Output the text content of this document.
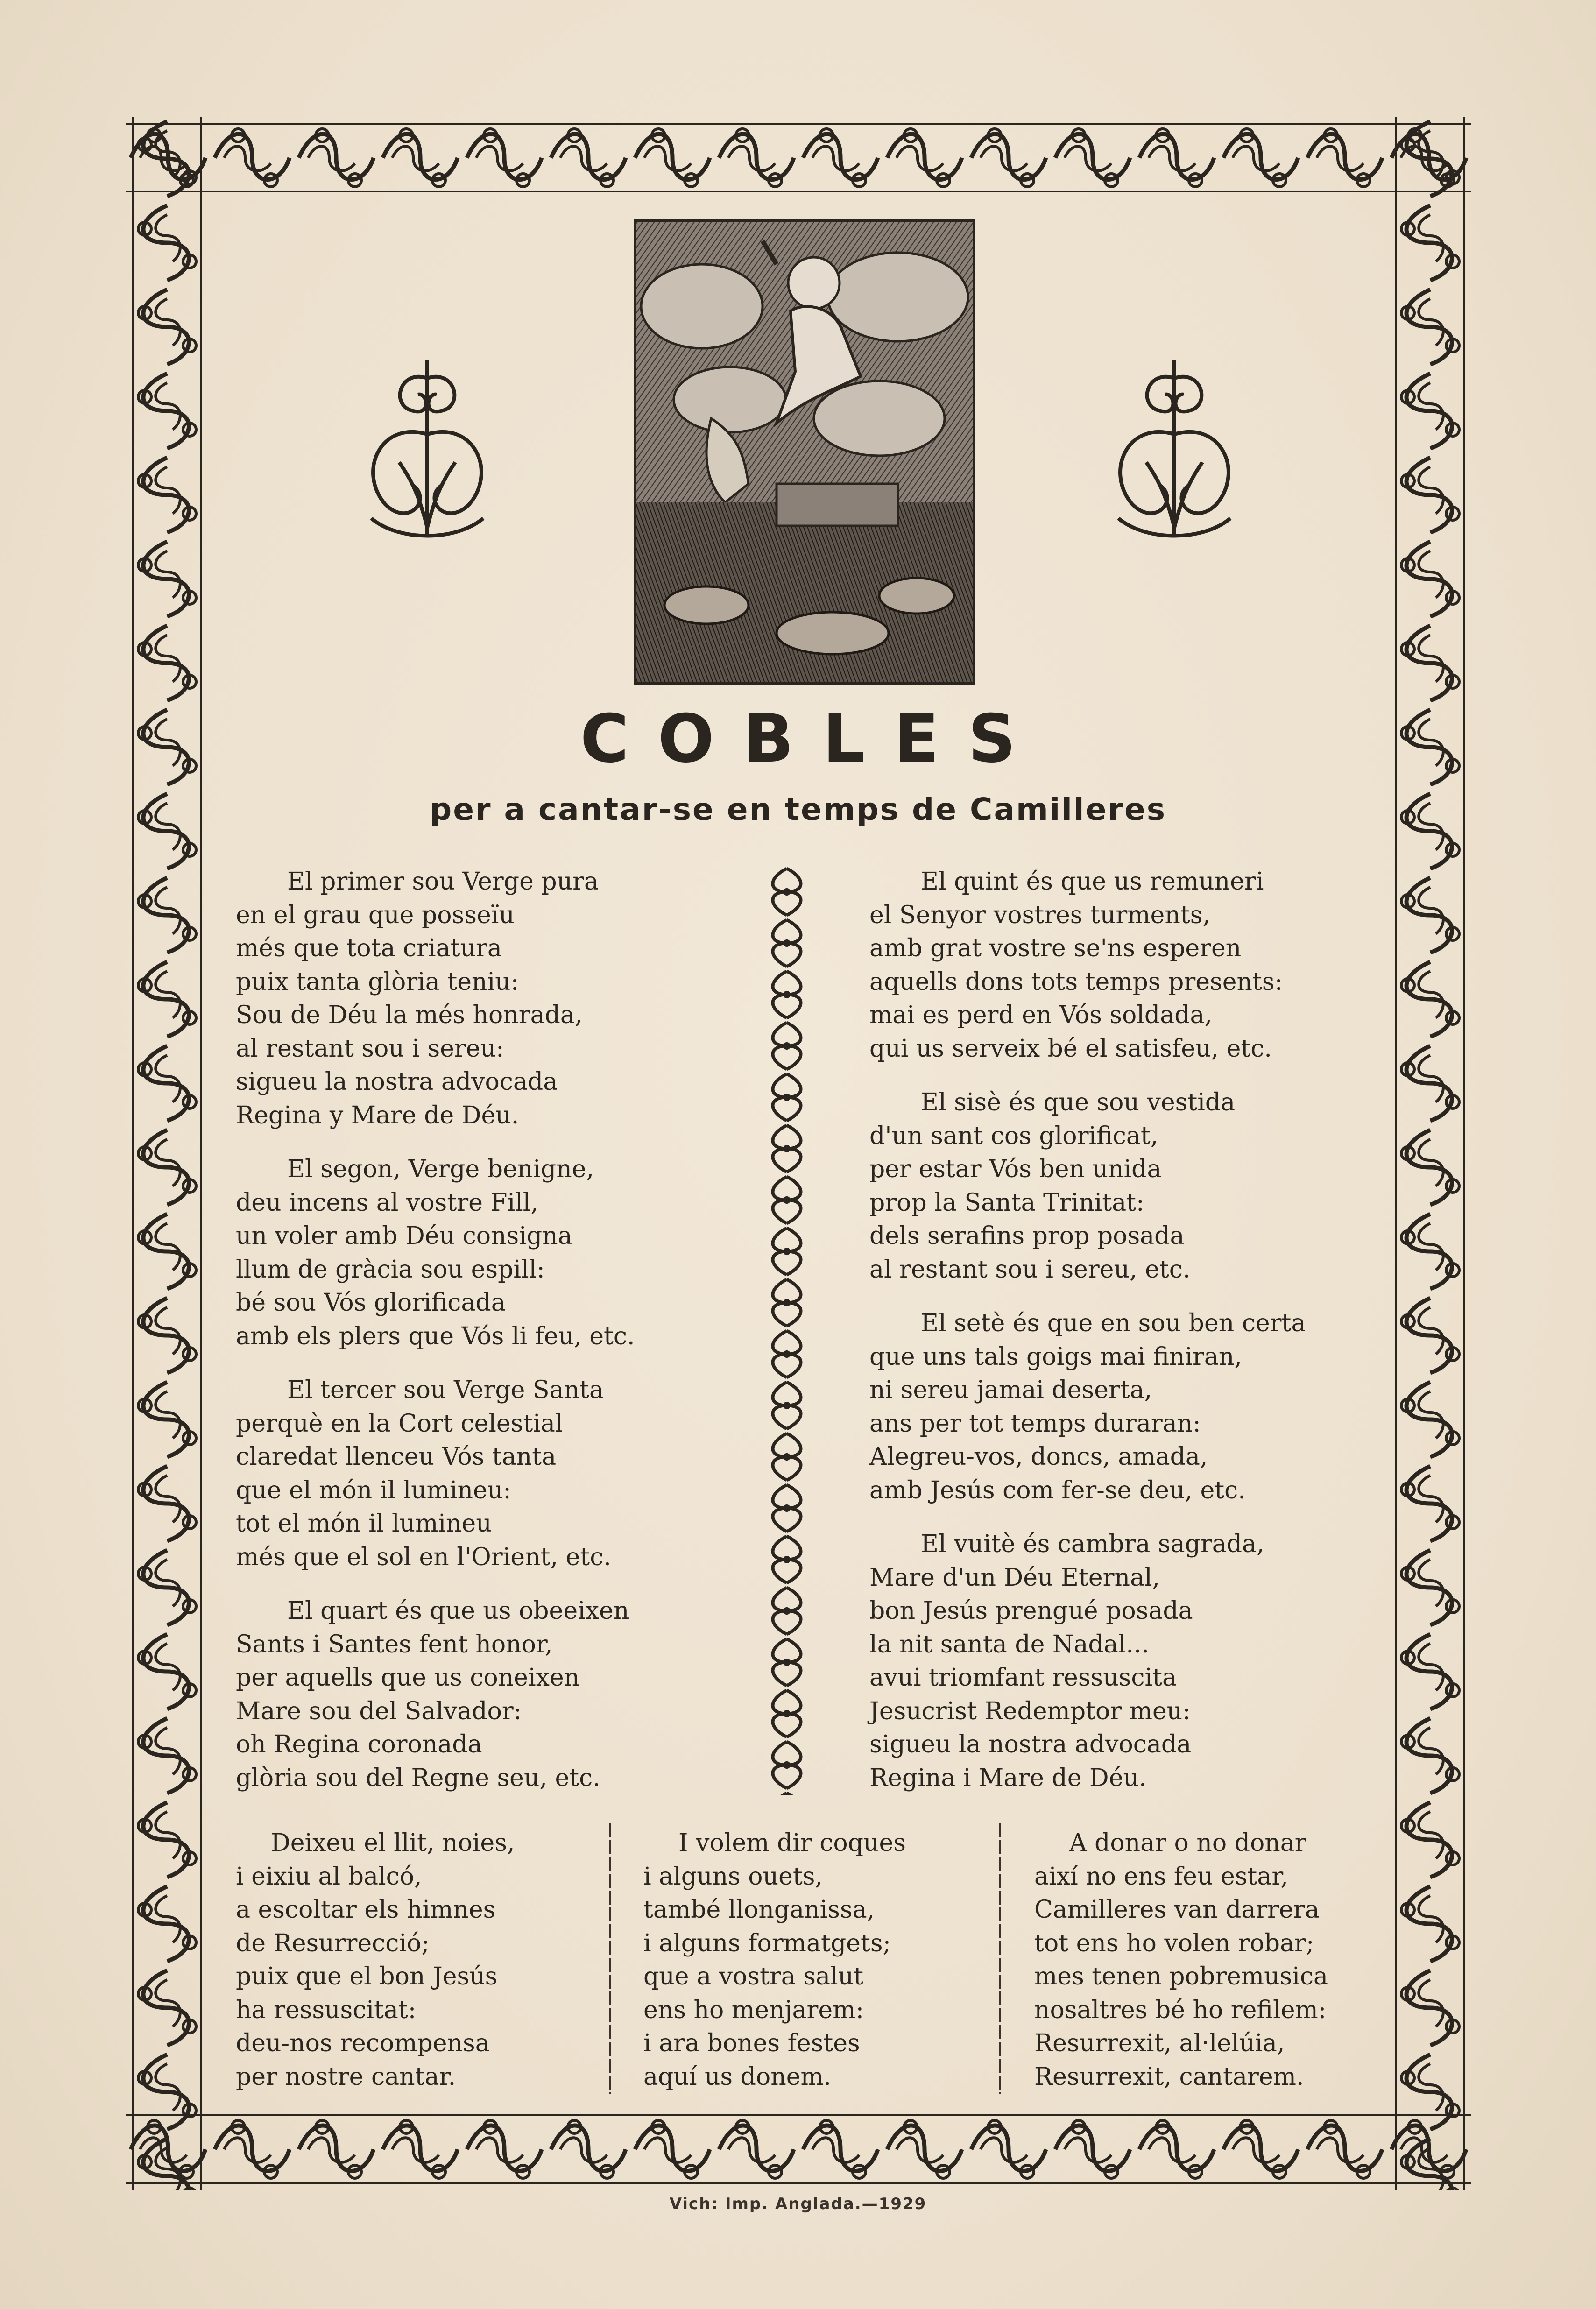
COBLES
per a cantar-se en temps de Camilleres
El primer sou Verge pura
en el grau que posseïu
més que tota criatura
puix tanta glòria teniu:
Sou de Déu la més honrada,
al restant sou i sereu:
sigueu la nostra advocada
Regina y Mare de Déu.
El segon, Verge benigne,
deu incens al vostre Fill,
un voler amb Déu consigna
llum de gràcia sou espill:
bé sou Vós glorificada
amb els plers que Vós li feu, etc.
El tercer sou Verge Santa
perquè en la Cort celestial
claredat llenceu Vós tanta
que el món il lumineu:
tot el món il lumineu
més que el sol en l'Orient, etc.
El quart és que us obeeixen
Sants i Santes fent honor,
per aquells que us coneixen
Mare sou del Salvador:
oh Regina coronada
glòria sou del Regne seu, etc.
El quint és que us remuneri
el Senyor vostres turments,
amb grat vostre se'ns esperen
aquells dons tots temps presents:
mai es perd en Vós soldada,
qui us serveix bé el satisfeu, etc.
El sisè és que sou vestida
d'un sant cos glorificat,
per estar Vós ben unida
prop la Santa Trinitat:
dels serafins prop posada
al restant sou i sereu, etc.
El setè és que en sou ben certa
que uns tals goigs mai finiran,
ni sereu jamai deserta,
ans per tot temps duraran:
Alegreu-vos, doncs, amada,
amb Jesús com fer-se deu, etc.
El vuitè és cambra sagrada,
Mare d'un Déu Eternal,
bon Jesús prengué posada
la nit santa de Nadal...
avui triomfant ressuscita
Jesucrist Redemptor meu:
sigueu la nostra advocada
Regina i Mare de Déu.
Deixeu el llit, noies,
i eixiu al balcó,
a escoltar els himnes
de Resurrecció;
puix que el bon Jesús
ha ressuscitat:
deu-nos recompensa
per nostre cantar.
I volem dir coques
i alguns ouets,
també llonganissa,
i alguns formatgets;
que a vostra salut
ens ho menjarem:
i ara bones festes
aquí us donem.
A donar o no donar
així no ens feu estar,
Camilleres van darrera
tot ens ho volen robar;
mes tenen pobremusica
nosaltres bé ho refilem:
Resurrexit, al·lelúia,
Resurrexit, cantarem.
Vich: Imp. Anglada.—1929
